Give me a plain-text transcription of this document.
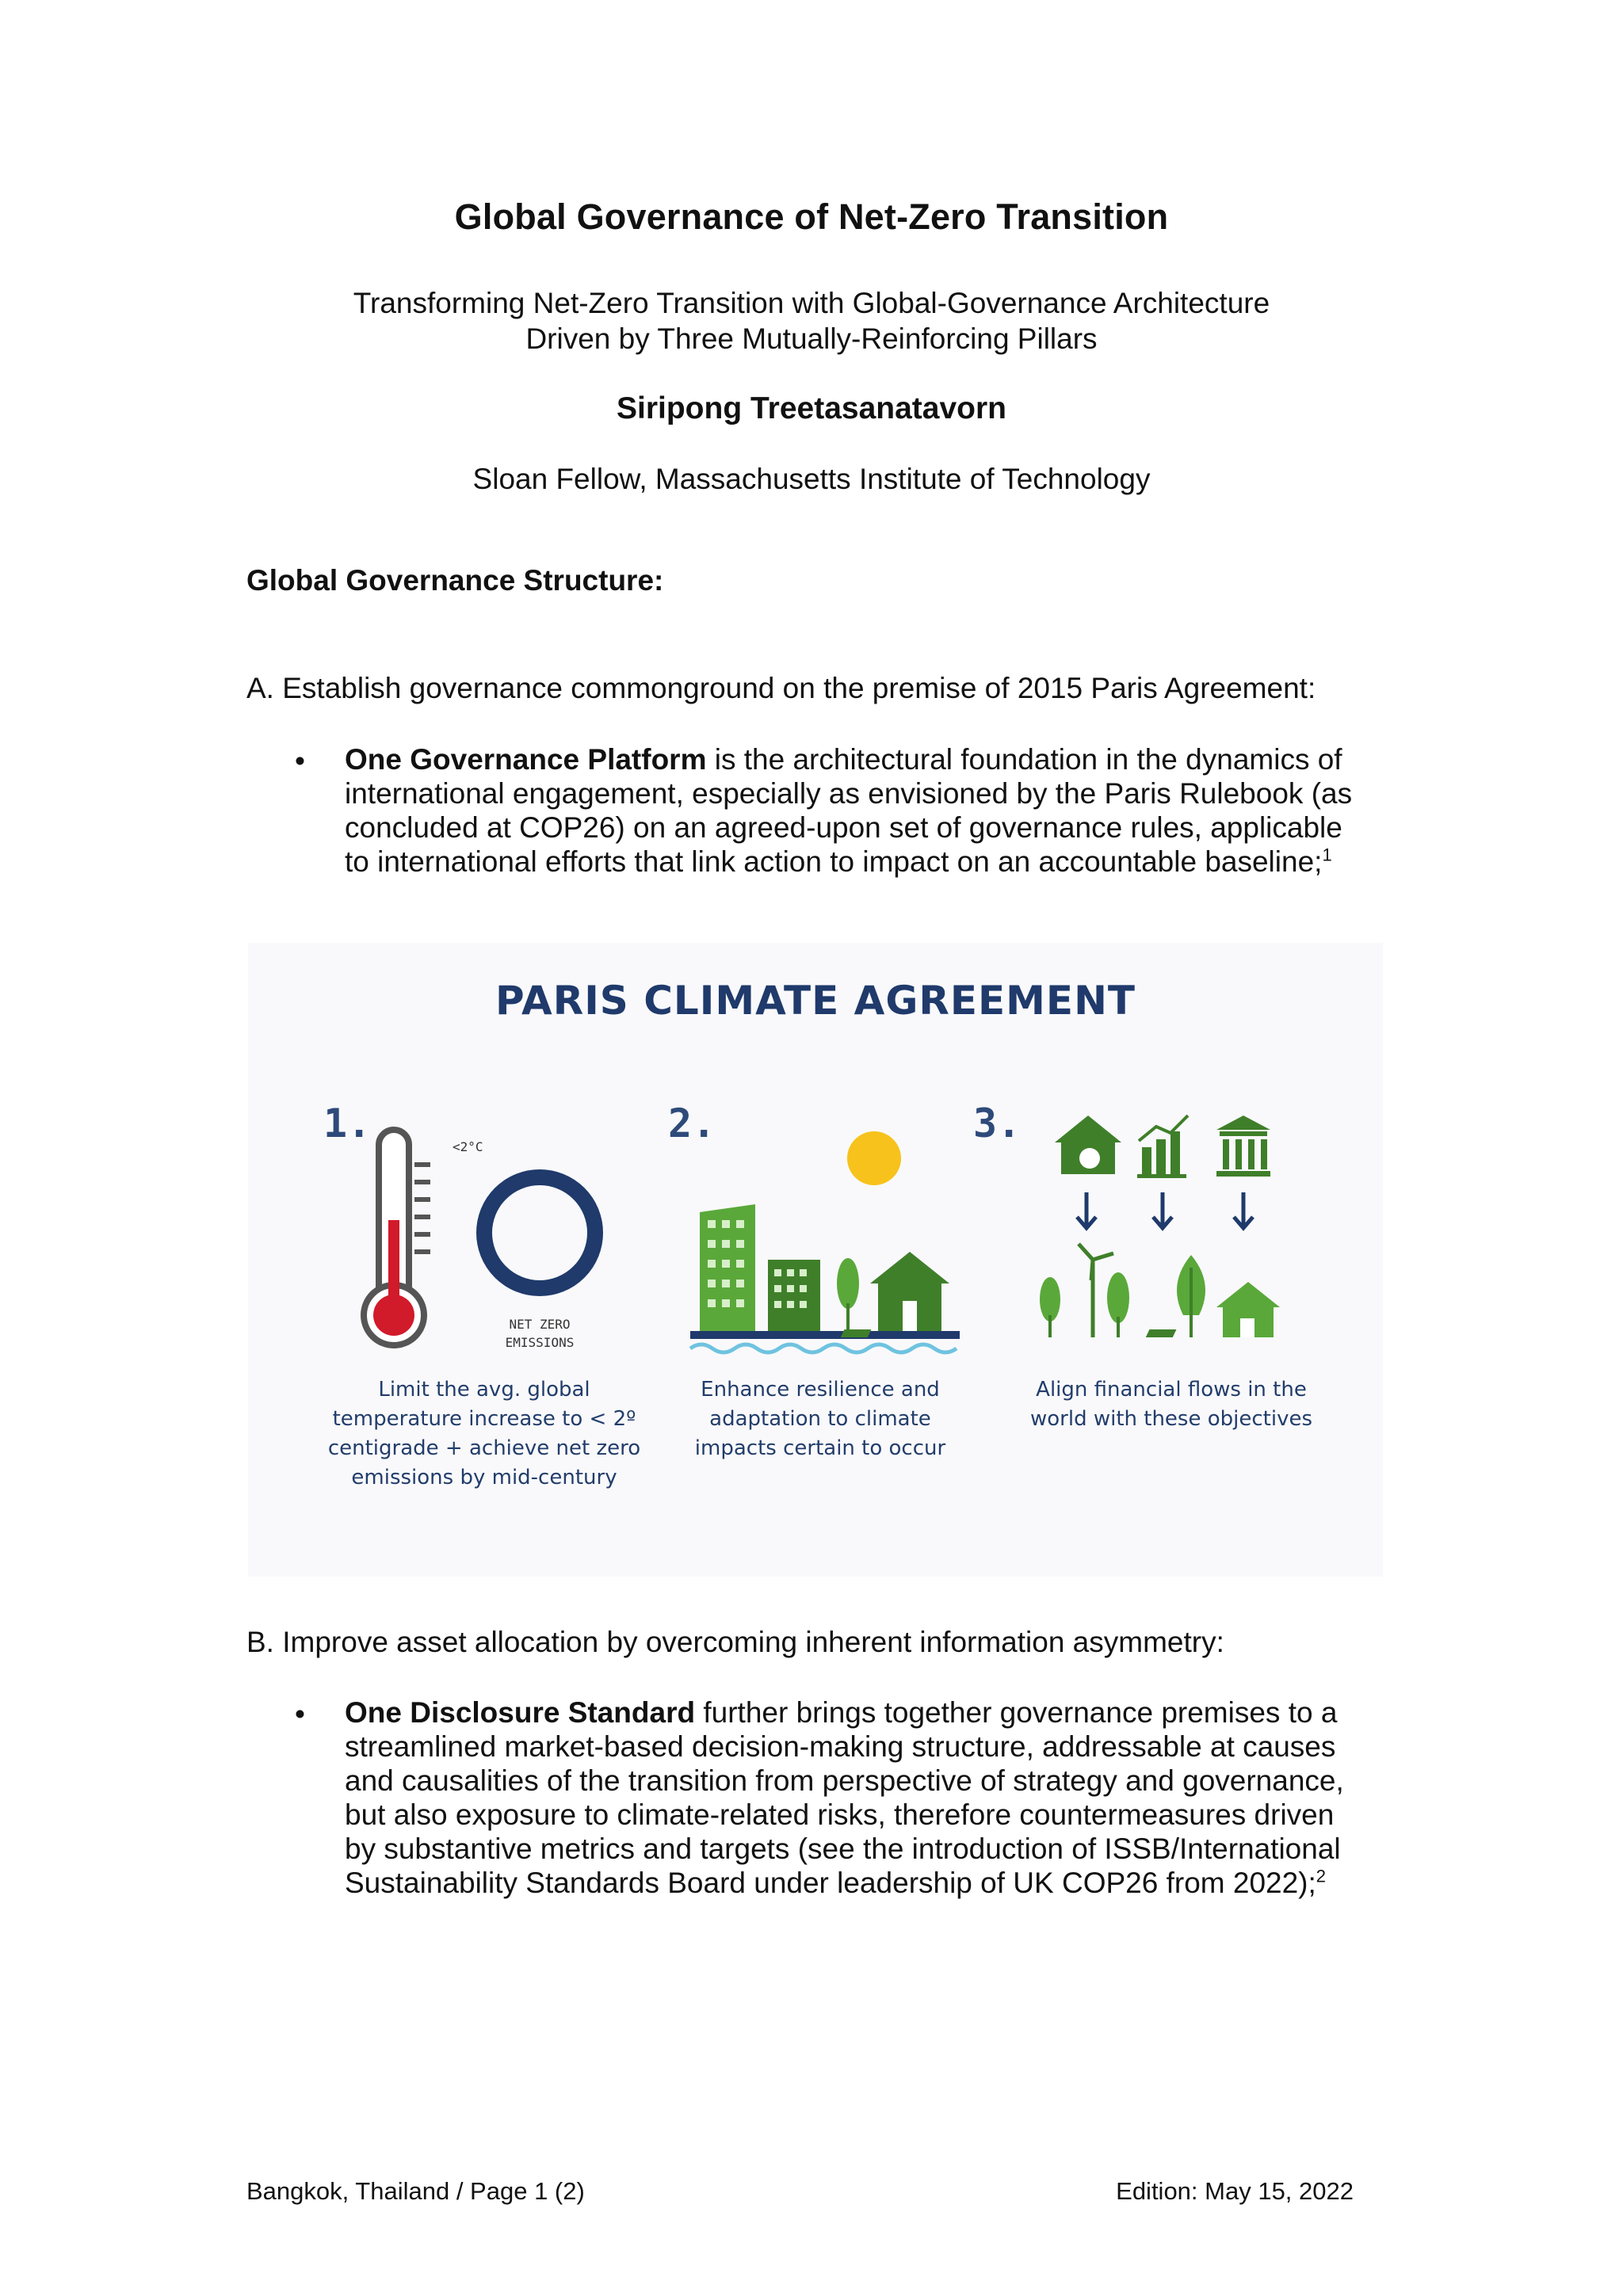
Global Governance of Net-Zero Transition
Transforming Net-Zero Transition with Global-Governance Architecture
Driven by Three Mutually-Reinforcing Pillars
Siripong Treetasanatavorn
Sloan Fellow, Massachusetts Institute of Technology
Global Governance Structure:
A. Establish governance commonground on the premise of 2015 Paris Agreement:
• One Governance Platform is the architectural foundation in the dynamics of
international engagement, especially as envisioned by the Paris Rulebook (as
concluded at COP26) on an agreed-upon set of governance rules, applicable
to international efforts that link action to impact on an accountable baseline;$^1$
PARIS CLIMATE AGREEMENT
1.
<2°C
NET ZERO
EMISSIONS
Limit the avg. global
temperature increase to < 2º
centigrade + achieve net zero
emissions by mid-century
2.
Enhance resilience and
adaptation to climate
impacts certain to occur
3.
Align financial flows in the
world with these objectives
B. Improve asset allocation by overcoming inherent information asymmetry:
• One Disclosure Standard further brings together governance premises to a
streamlined market-based decision-making structure, addressable at causes
and causalities of the transition from perspective of strategy and governance,
but also exposure to climate-related risks, therefore countermeasures driven
by substantive metrics and targets (see the introduction of ISSB/International
Sustainability Standards Board under leadership of UK COP26 from 2022);$^2$
Bangkok, Thailand / Page 1 (2)	Edition: May 15, 2022
